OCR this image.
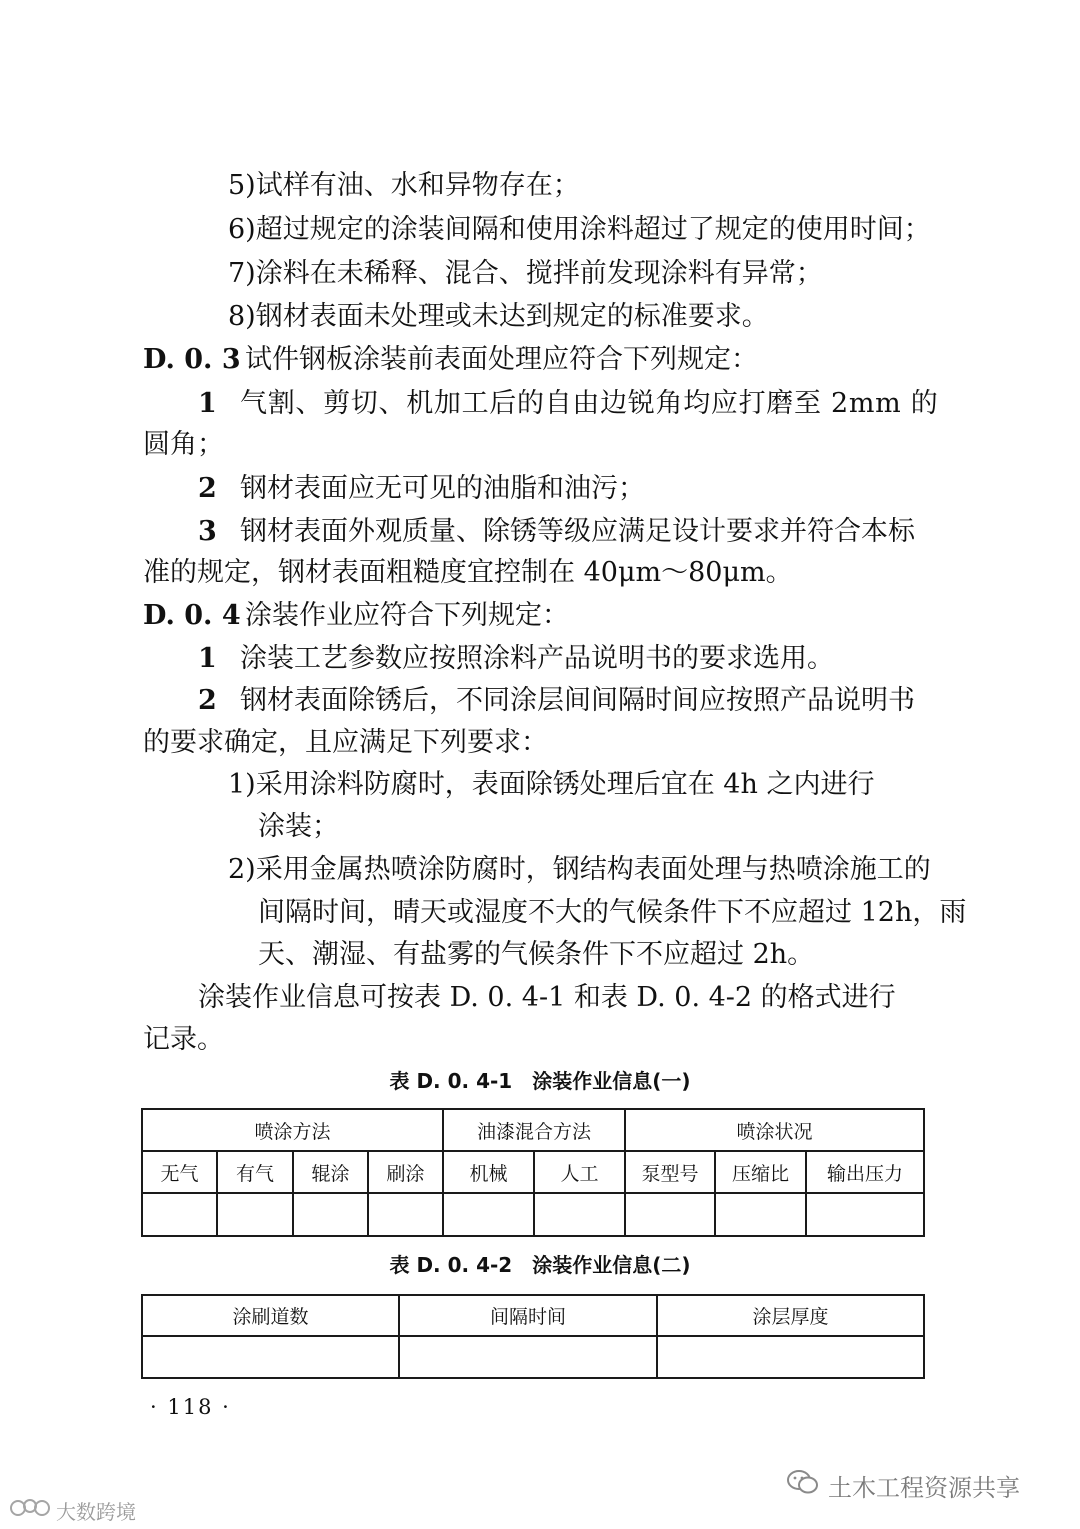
5)试样有油、水和异物存在；
6)超过规定的涂装间隔和使用涂料超过了规定的使用时间；
7)涂料在未稀释、混合、搅拌前发现涂料有异常；
8)钢材表面未处理或未达到规定的标准要求。
D. 0. 3 试件钢板涂装前表面处理应符合下列规定：
1 气割、剪切、机加工后的自由边锐角均应打磨至 2mm 的
圆角；
2 钢材表面应无可见的油脂和油污；
3 钢材表面外观质量、除锈等级应满足设计要求并符合本标
准的规定，钢材表面粗糙度宜控制在 40μm～80μm。
D. 0. 4 涂装作业应符合下列规定：
1 涂装工艺参数应按照涂料产品说明书的要求选用。
2 钢材表面除锈后，不同涂层间间隔时间应按照产品说明书
的要求确定，且应满足下列要求：
1)采用涂料防腐时，表面除锈处理后宜在 4h 之内进行
涂装；
2)采用金属热喷涂防腐时，钢结构表面处理与热喷涂施工的
间隔时间，晴天或湿度不大的气候条件下不应超过 12h，雨
天、潮湿、有盐雾的气候条件下不应超过 2h。
涂装作业信息可按表 D. 0. 4-1 和表 D. 0. 4-2 的格式进行
记录。
表 D. 0. 4-1　涂装作业信息(一)
喷涂方法				油漆混合方法		喷涂状况		
无气	有气	辊涂	刷涂	机械	人工	泵型号	压缩比	输出压力

表 D. 0. 4-2　涂装作业信息(二)
涂刷道数	间隔时间	涂层厚度

· 118 ·
土木工程资源共享
大数跨境
